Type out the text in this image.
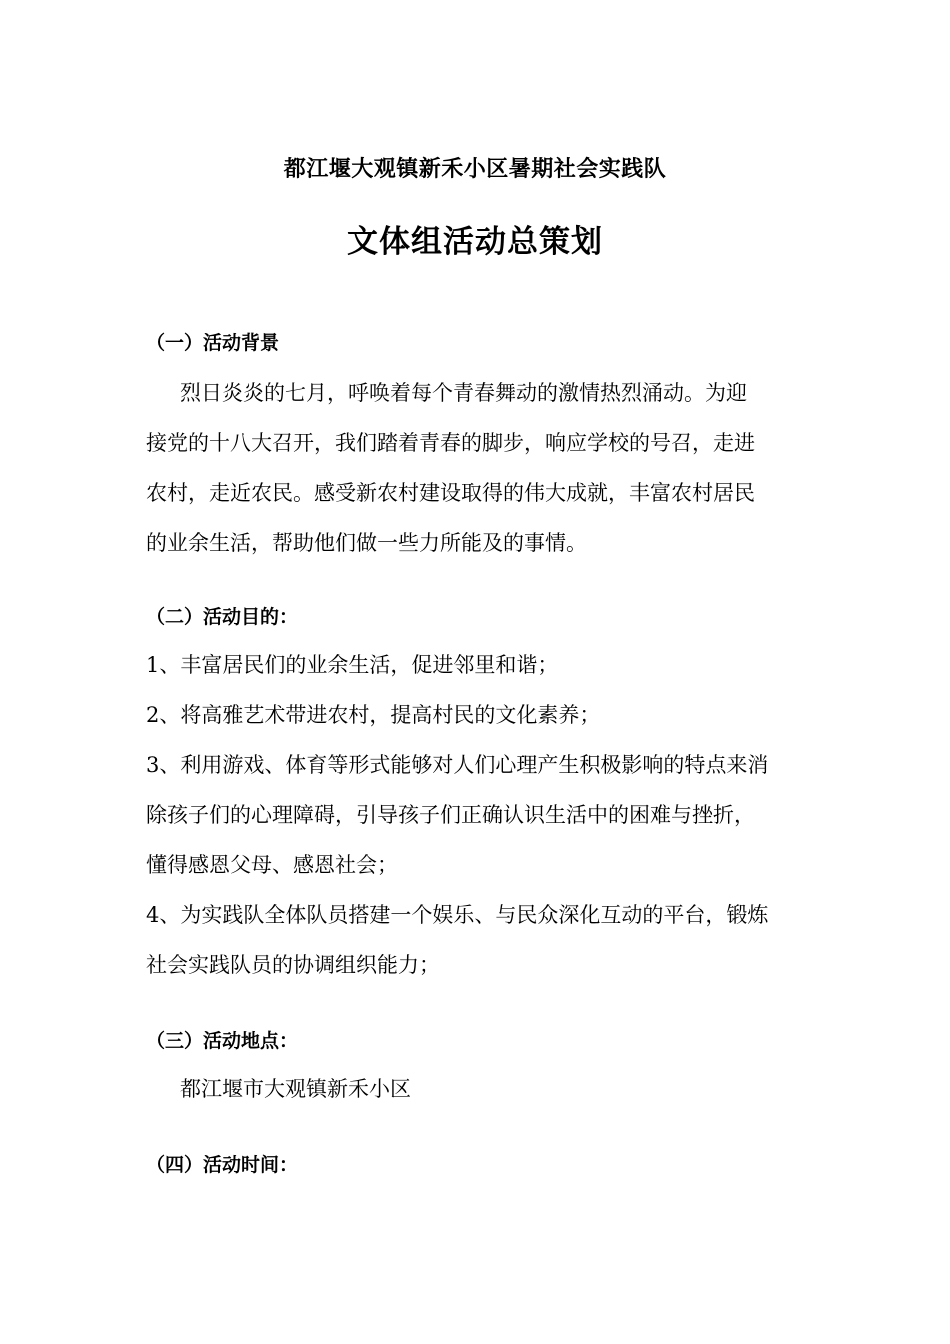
都江堰大观镇新禾小区暑期社会实践队
文体组活动总策划
（一）活动背景
烈日炎炎的七月，呼唤着每个青春舞动的激情热烈涌动。为迎
接党的十八大召开，我们踏着青春的脚步，响应学校的号召，走进
农村，走近农民。感受新农村建设取得的伟大成就，丰富农村居民
的业余生活，帮助他们做一些力所能及的事情。
（二）活动目的：
1、丰富居民们的业余生活，促进邻里和谐；
2、将高雅艺术带进农村，提高村民的文化素养；
3、利用游戏、体育等形式能够对人们心理产生积极影响的特点来消
除孩子们的心理障碍，引导孩子们正确认识生活中的困难与挫折，
懂得感恩父母、感恩社会；
4、为实践队全体队员搭建一个娱乐、与民众深化互动的平台，锻炼
社会实践队员的协调组织能力；
（三）活动地点：
都江堰市大观镇新禾小区
（四）活动时间：
